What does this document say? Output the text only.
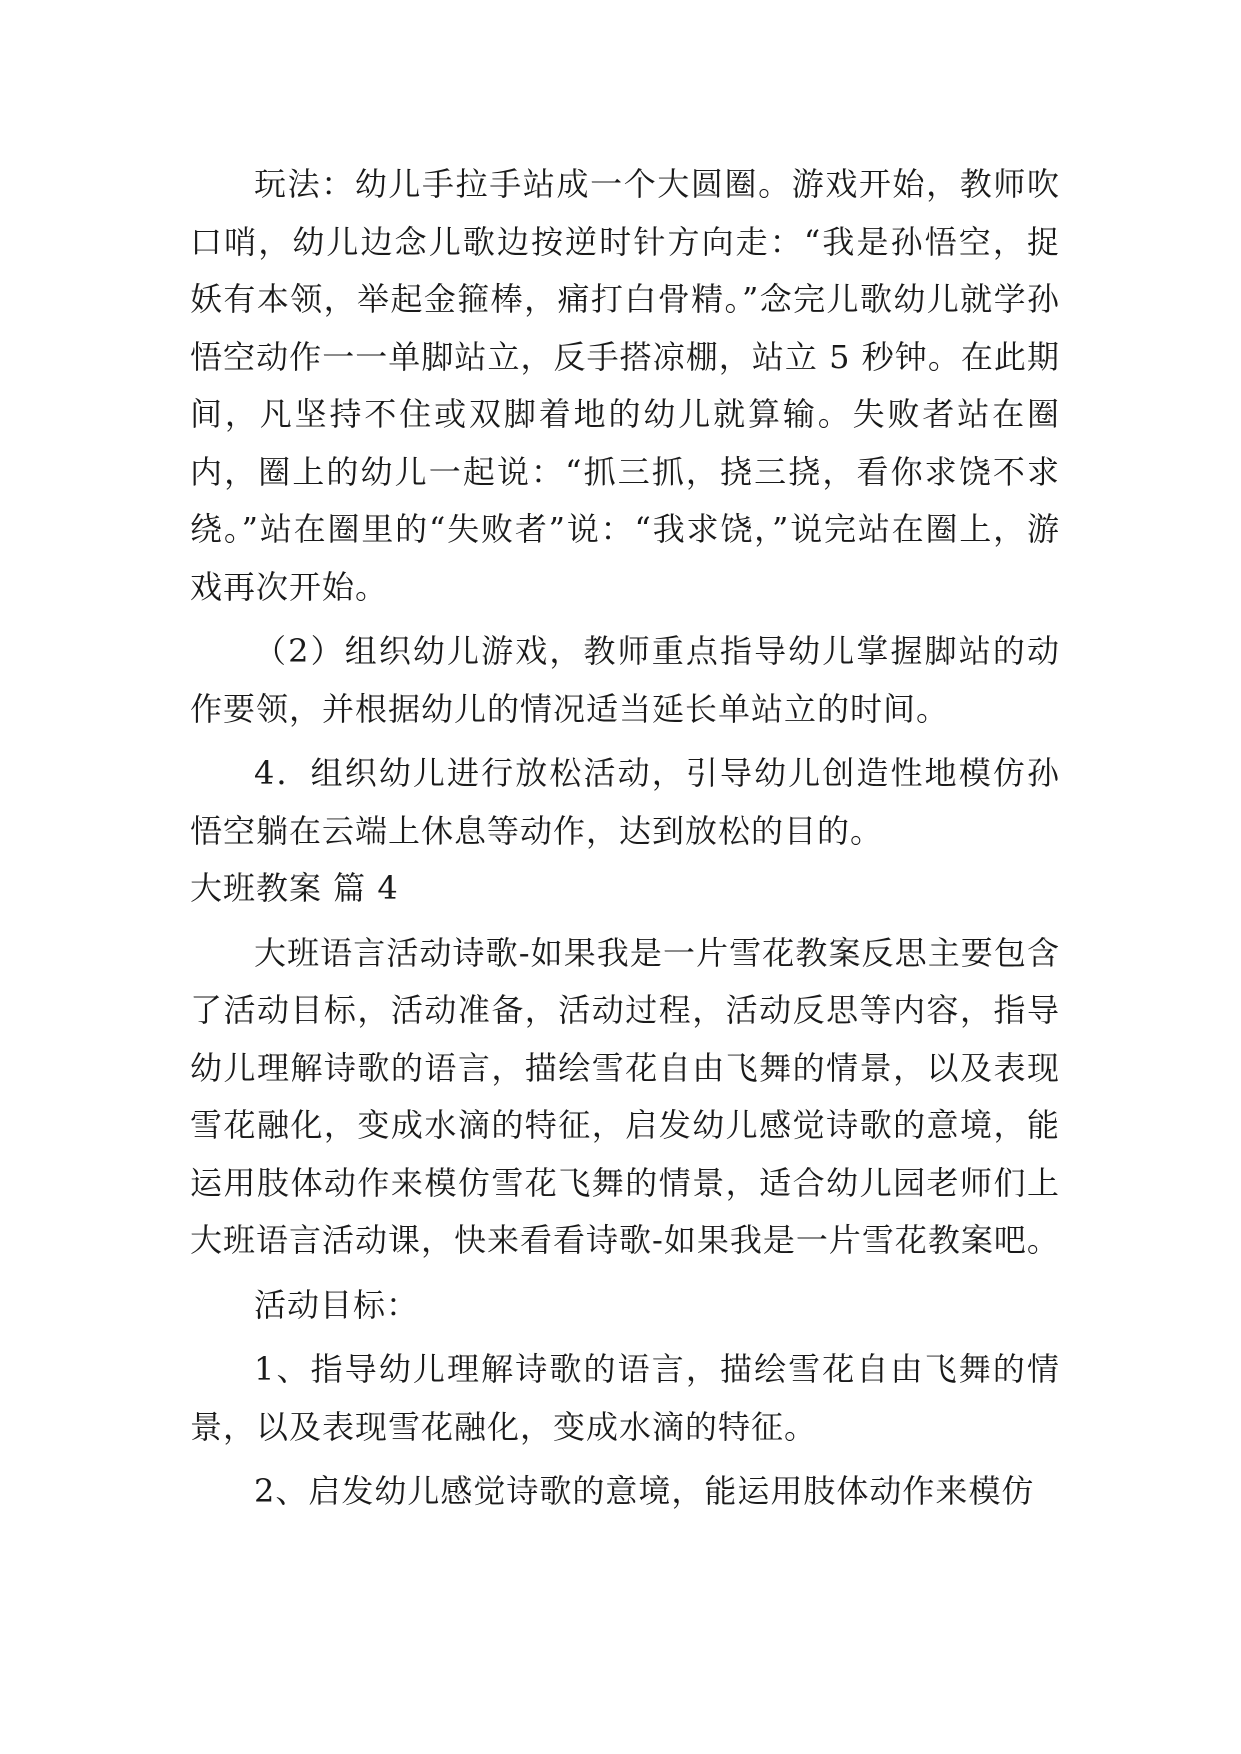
玩法：幼儿手拉手站成一个大圆圈。游戏开始，教师吹口哨，幼儿边念儿歌边按逆时针方向走：“我是孙悟空，捉妖有本领，举起金箍棒，痛打白骨精。”念完儿歌幼儿就学孙悟空动作一一单脚站立，反手搭凉棚，站立 5 秒钟。在此期间，凡坚持不住或双脚着地的幼儿就算输。失败者站在圈内，圈上的幼儿一起说：“抓三抓，挠三挠，看你求饶不求绕。”站在圈里的“失败者”说：“我求饶，”说完站在圈上，游戏再次开始。

（2）组织幼儿游戏，教师重点指导幼儿掌握脚站的动作要领，并根据幼儿的情况适当延长单站立的时间。

4．组织幼儿进行放松活动，引导幼儿创造性地模仿孙悟空躺在云端上休息等动作，达到放松的目的。

大班教案 篇 4

大班语言活动诗歌-如果我是一片雪花教案反思主要包含了活动目标，活动准备，活动过程，活动反思等内容，指导幼儿理解诗歌的语言，描绘雪花自由飞舞的情景，以及表现雪花融化，变成水滴的特征，启发幼儿感觉诗歌的意境，能运用肢体动作来模仿雪花飞舞的情景，适合幼儿园老师们上大班语言活动课，快来看看诗歌-如果我是一片雪花教案吧。

活动目标：

1、指导幼儿理解诗歌的语言，描绘雪花自由飞舞的情景，以及表现雪花融化，变成水滴的特征。

2、启发幼儿感觉诗歌的意境，能运用肢体动作来模仿
